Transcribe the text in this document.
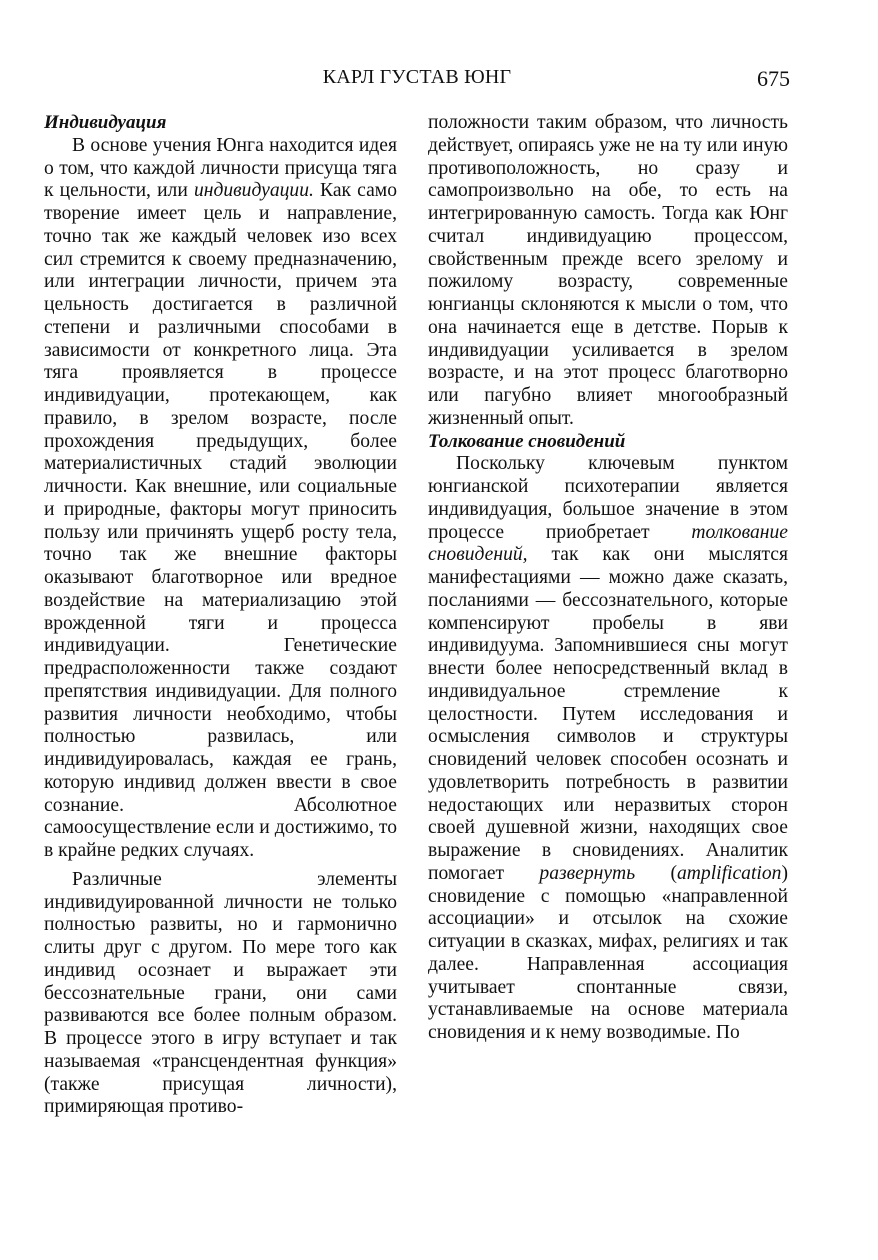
КАРЛ ГУСТАВ ЮНГ	675

Индивидуация

В основе учения Юнга находится идея о том, что каждой личности присуща тяга к цельности, или индивидуации. Как само творение имеет цель и направление, точно так же каждый человек изо всех сил стремится к своему предназначению, или интеграции личности, причем эта цельность достигается в различной степени и различными способами в зависимости от конкретного лица. Эта тяга проявляется в процессе индивидуации, протекающем, как правило, в зрелом возрасте, после прохождения предыдущих, более материалистичных стадий эволюции личности. Как внешние, или социальные и природные, факторы могут приносить пользу или причинять ущерб росту тела, точно так же внешние факторы оказывают благотворное или вредное воздействие на материализацию этой врожденной тяги и процесса индивидуации. Генетические предрасположенности также создают препятствия индивидуации. Для полного развития личности необходимо, чтобы полностью развилась, или индивидуировалась, каждая ее грань, которую индивид должен ввести в свое сознание. Абсолютное самоосуществление если и достижимо, то в крайне редких случаях.

Различные элементы индивидуированной личности не только полностью развиты, но и гармонично слиты друг с другом. По мере того как индивид осознает и выражает эти бессознательные грани, они сами развиваются все более полным образом. В процессе этого в игру вступает и так называемая «трансцендентная функция» (также присущая личности), примиряющая противо-

положности таким образом, что личность действует, опираясь уже не на ту или иную противоположность, но сразу и самопроизвольно на обе, то есть на интегрированную самость. Тогда как Юнг считал индивидуацию процессом, свойственным прежде всего зрелому и пожилому возрасту, современные юнгианцы склоняются к мысли о том, что она начинается еще в детстве. Порыв к индивидуации усиливается в зрелом возрасте, и на этот процесс благотворно или пагубно влияет многообразный жизненный опыт.

Толкование сновидений

Поскольку ключевым пунктом юнгианской психотерапии является индивидуация, большое значение в этом процессе приобретает толкование сновидений, так как они мыслятся манифестациями — можно даже сказать, посланиями — бессознательного, которые компенсируют пробелы в яви индивидуума. Запомнившиеся сны могут внести более непосредственный вклад в индивидуальное стремление к целостности. Путем исследования и осмысления символов и структуры сновидений человек способен осознать и удовлетворить потребность в развитии недостающих или неразвитых сторон своей душевной жизни, находящих свое выражение в сновидениях. Аналитик помогает развернуть (amplification) сновидение с помощью «направленной ассоциации» и отсылок на схожие ситуации в сказках, мифах, религиях и так далее. Направленная ассоциация учитывает спонтанные связи, устанавливаемые на основе материала сновидения и к нему возводимые. По
